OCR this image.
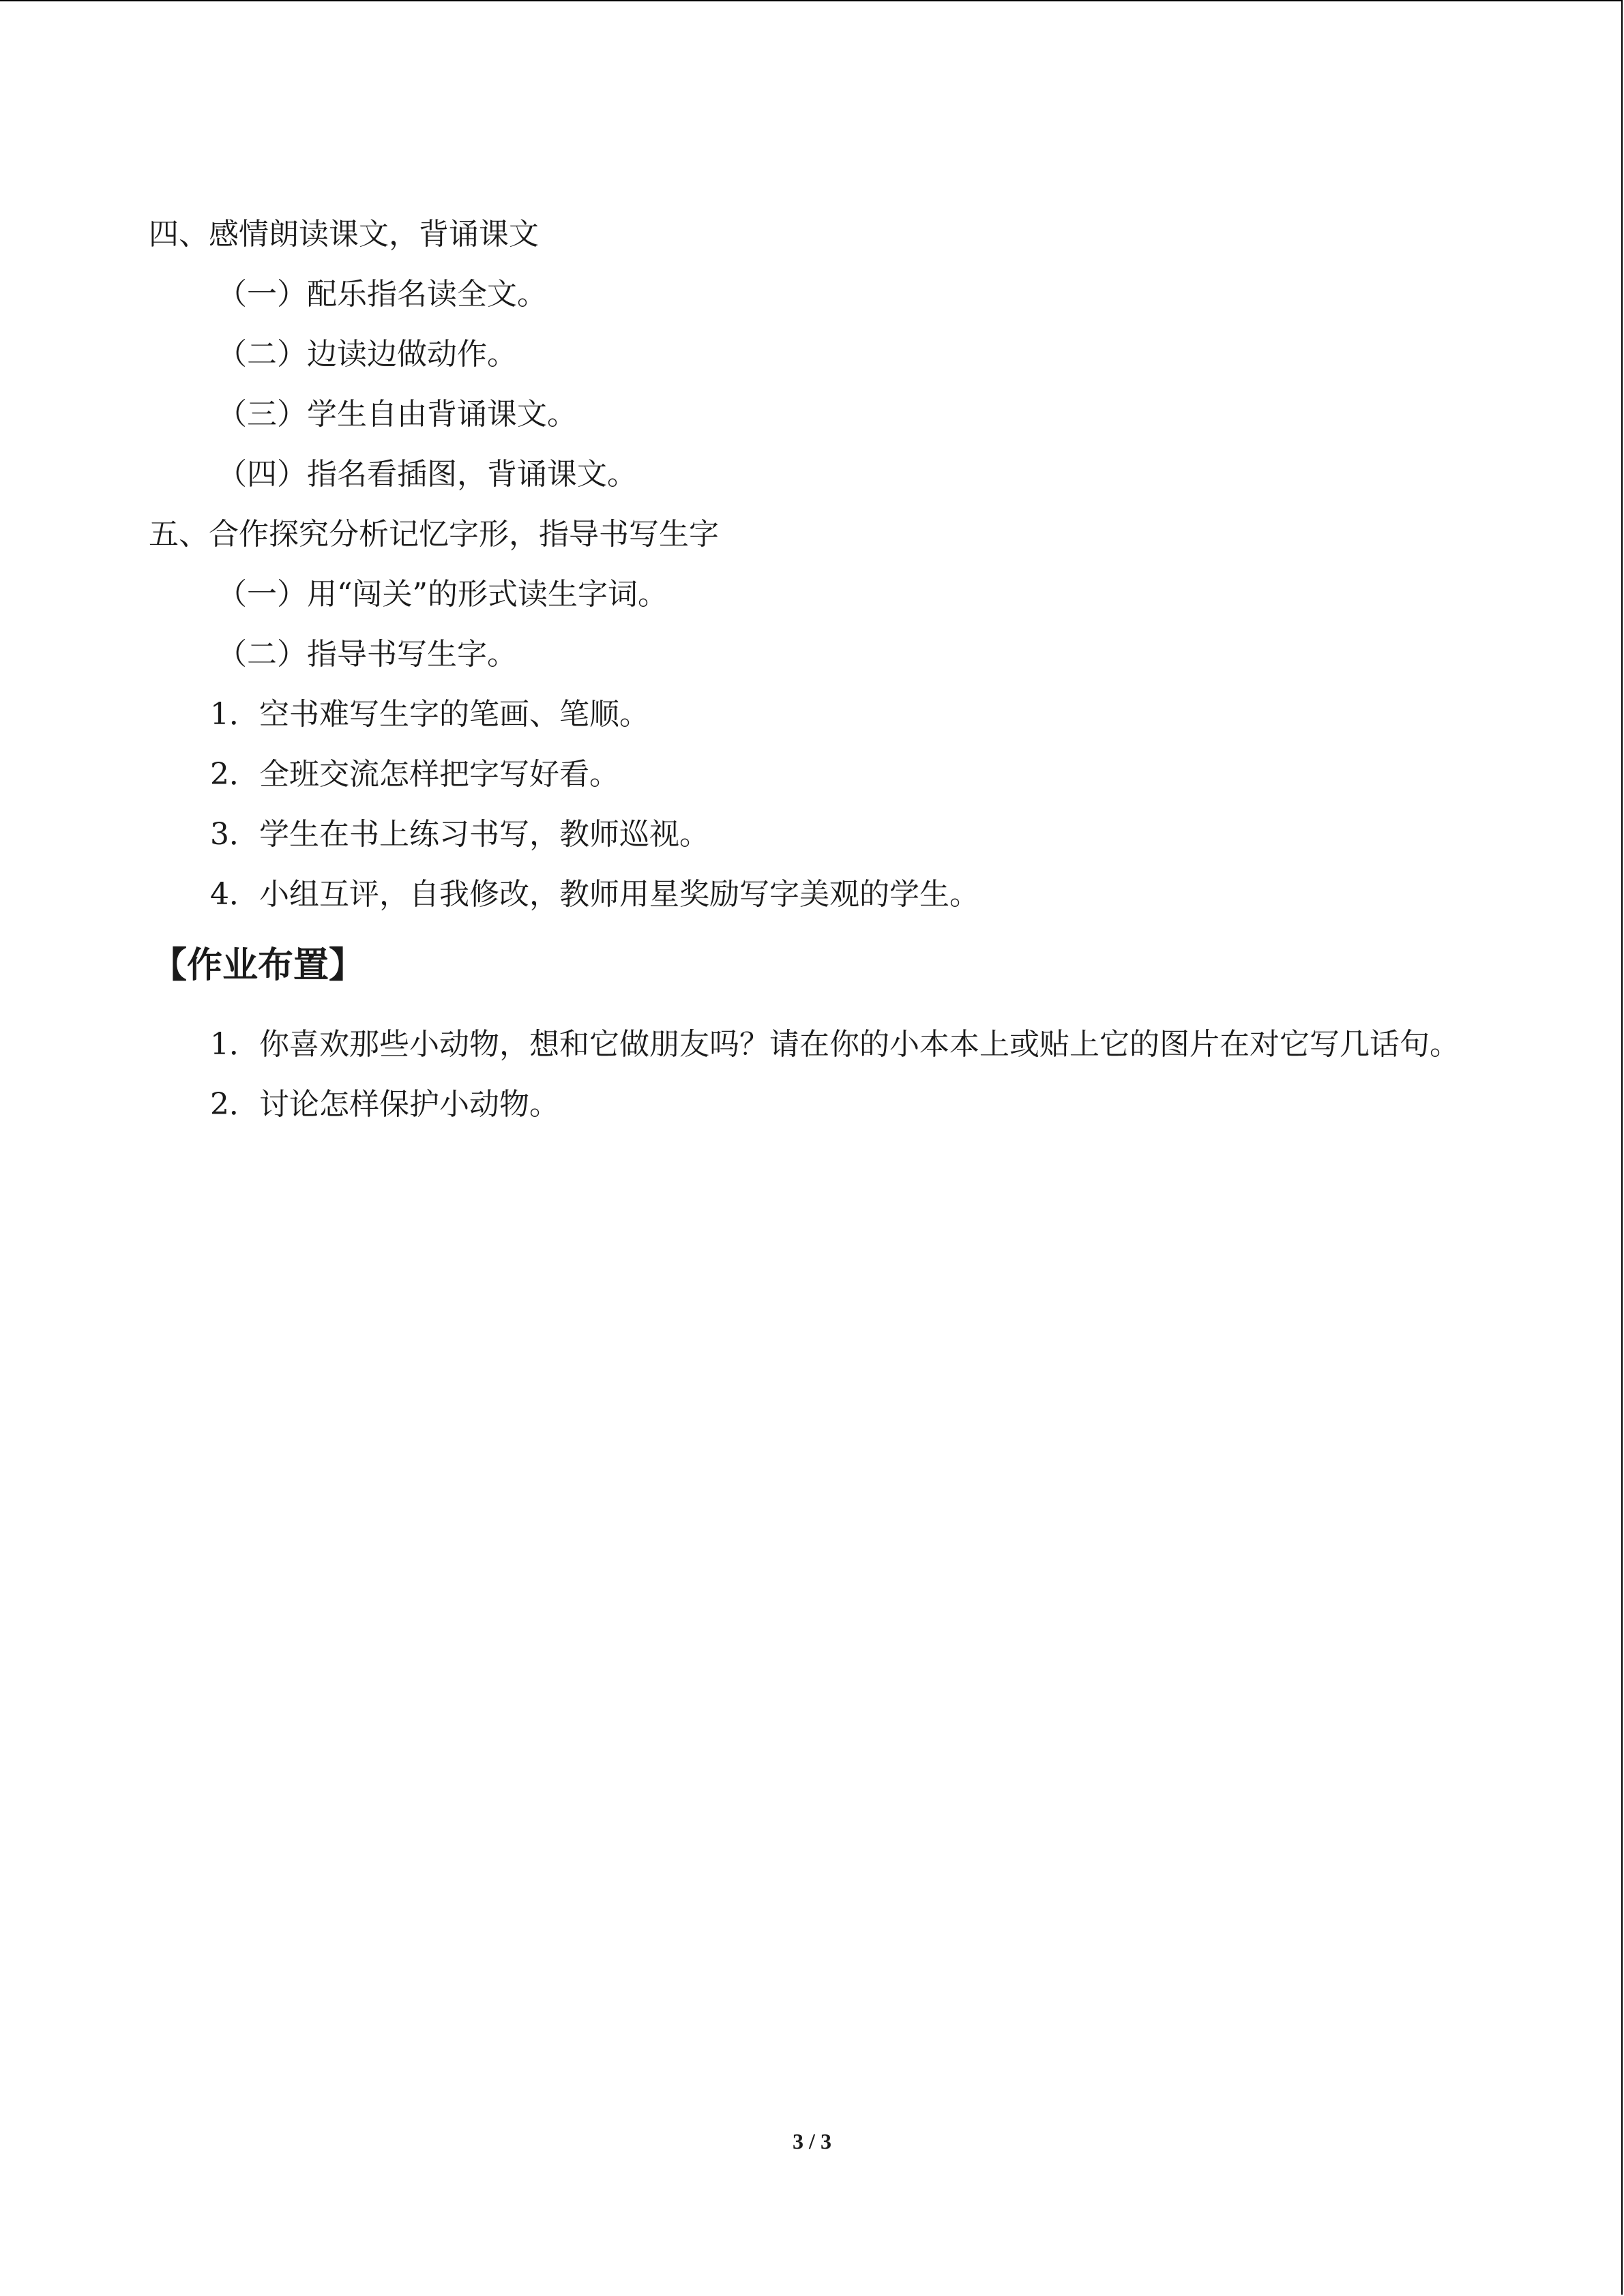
四、感情朗读课文，背诵课文
（一）配乐指名读全文。
（二）边读边做动作。
（三）学生自由背诵课文。
（四）指名看插图，背诵课文。
五、合作探究分析记忆字形，指导书写生字
（一）用“闯关”的形式读生字词。
（二）指导书写生字。
1．空书难写生字的笔画、笔顺。
2．全班交流怎样把字写好看。
3．学生在书上练习书写，教师巡视。
4．小组互评，自我修改，教师用星奖励写字美观的学生。
【作业布置】
1．你喜欢那些小动物，想和它做朋友吗？请在你的小本本上或贴上它的图片在对它写几话句。
2．讨论怎样保护小动物。
3 / 3
